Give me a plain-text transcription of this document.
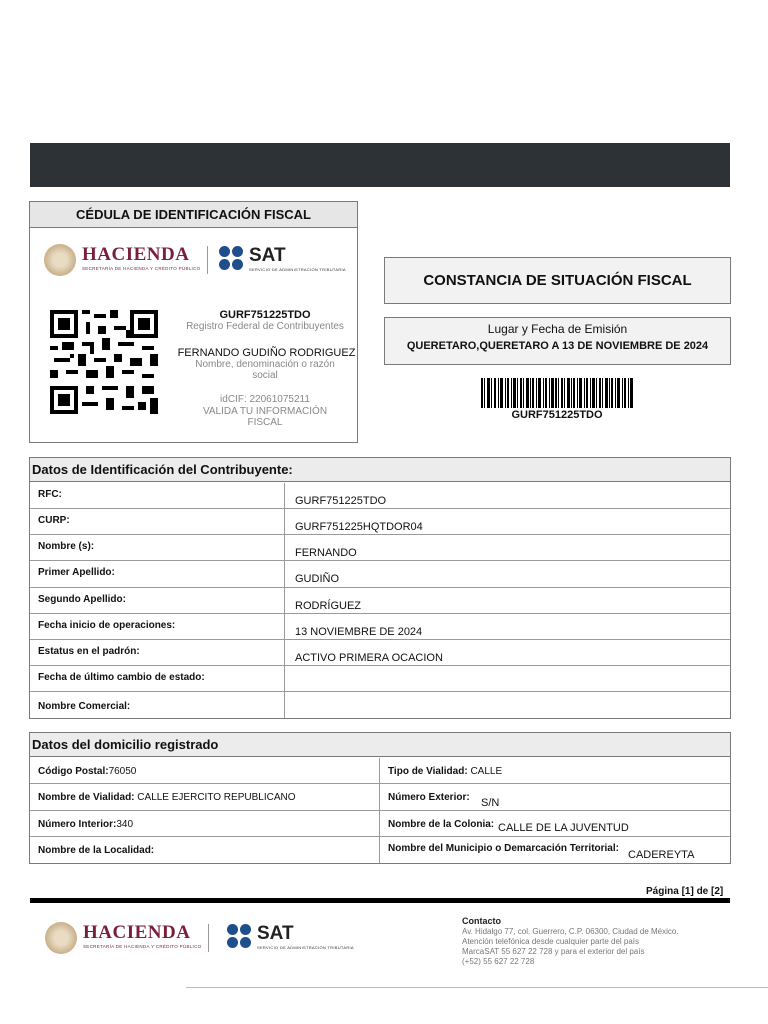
CÉDULA DE IDENTIFICACIÓN FISCAL
HACIENDA
SECRETARÍA DE HACIENDA Y CRÉDITO PÚBLICO
SAT
SERVICIO DE ADMINISTRACIÓN TRIBUTARIA
GURF751225TDO
Registro Federal de Contribuyentes
FERNANDO GUDIÑO RODRIGUEZ
Nombre, denominación o razón
social
idCIF: 22061075211
VALIDA TU INFORMACIÓN
FISCAL
CONSTANCIA DE SITUACIÓN FISCAL
Lugar y Fecha de Emisión
QUERETARO,QUERETARO A 13 DE NOVIEMBRE DE 2024
GURF751225TDO
Datos de Identificación del Contribuyente:
RFC:
GURF751225TDO
CURP:
GURF751225HQTDOR04
Nombre (s):
FERNANDO
Primer Apellido:
GUDIÑO
Segundo Apellido:
RODRÍGUEZ
Fecha inicio de operaciones:
13 NOVIEMBRE DE 2024
Estatus en el padrón:
ACTIVO PRIMERA OCACION
Fecha de último cambio de estado:
Nombre Comercial:
Datos del domicilio registrado
Código Postal:76050	Tipo de Vialidad: CALLE
Nombre de Vialidad: CALLE EJERCITO REPUBLICANO	Número Exterior: S/N
Número Interior:340	Nombre de la Colonia: CALLE DE LA JUVENTUD
Nombre de la Localidad:	Nombre del Municipio o Demarcación Territorial:
CADEREYTA
Página [1] de [2]
HACIENDA
SECRETARÍA DE HACIENDA Y CRÉDITO PÚBLICO
SAT
SERVICIO DE ADMINISTRACIÓN TRIBUTARIA
Contacto
Av. Hidalgo 77, col. Guerrero, C.P. 06300, Ciudad de México.
Atención telefónica desde cualquier parte del país
MarcaSAT 55 627 22 728 y para el exterior del país
(+52) 55 627 22 728
